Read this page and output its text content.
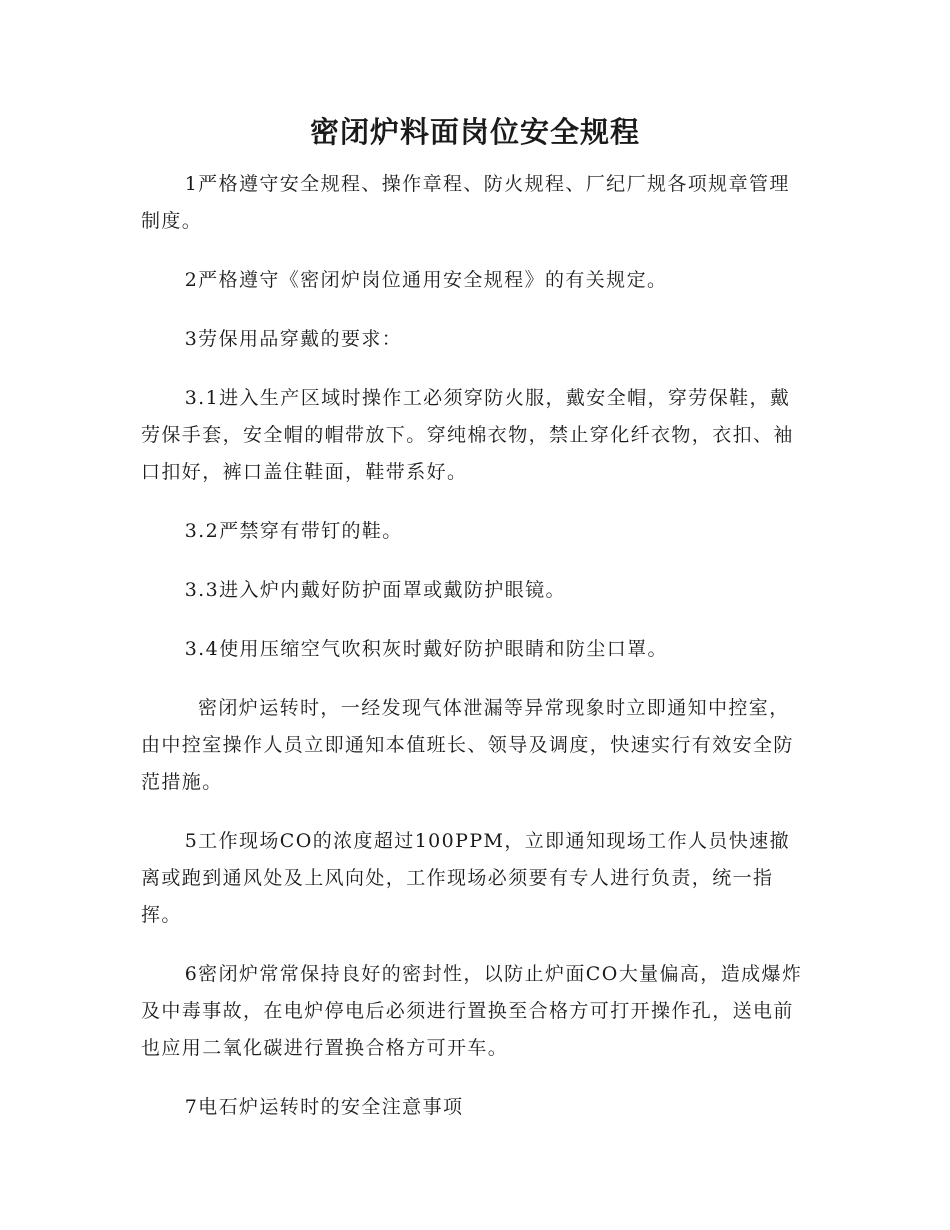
密闭炉料面岗位安全规程

1严格遵守安全规程、操作章程、防火规程、厂纪厂规各项规章管理制度。

2严格遵守《密闭炉岗位通用安全规程》的有关规定。

3劳保用品穿戴的要求：

3.1进入生产区域时操作工必须穿防火服，戴安全帽，穿劳保鞋，戴劳保手套，安全帽的帽带放下。穿纯棉衣物，禁止穿化纤衣物，衣扣、袖口扣好，裤口盖住鞋面，鞋带系好。

3.2严禁穿有带钉的鞋。

3.3进入炉内戴好防护面罩或戴防护眼镜。

3.4使用压缩空气吹积灰时戴好防护眼睛和防尘口罩。

密闭炉运转时，一经发现气体泄漏等异常现象时立即通知中控室，由中控室操作人员立即通知本值班长、领导及调度，快速实行有效安全防范措施。

5工作现场CO的浓度超过100PPM，立即通知现场工作人员快速撤离或跑到通风处及上风向处，工作现场必须要有专人进行负责，统一指挥。

6密闭炉常常保持良好的密封性，以防止炉面CO大量偏高，造成爆炸及中毒事故，在电炉停电后必须进行置换至合格方可打开操作孔，送电前也应用二氧化碳进行置换合格方可开车。

7电石炉运转时的安全注意事项
